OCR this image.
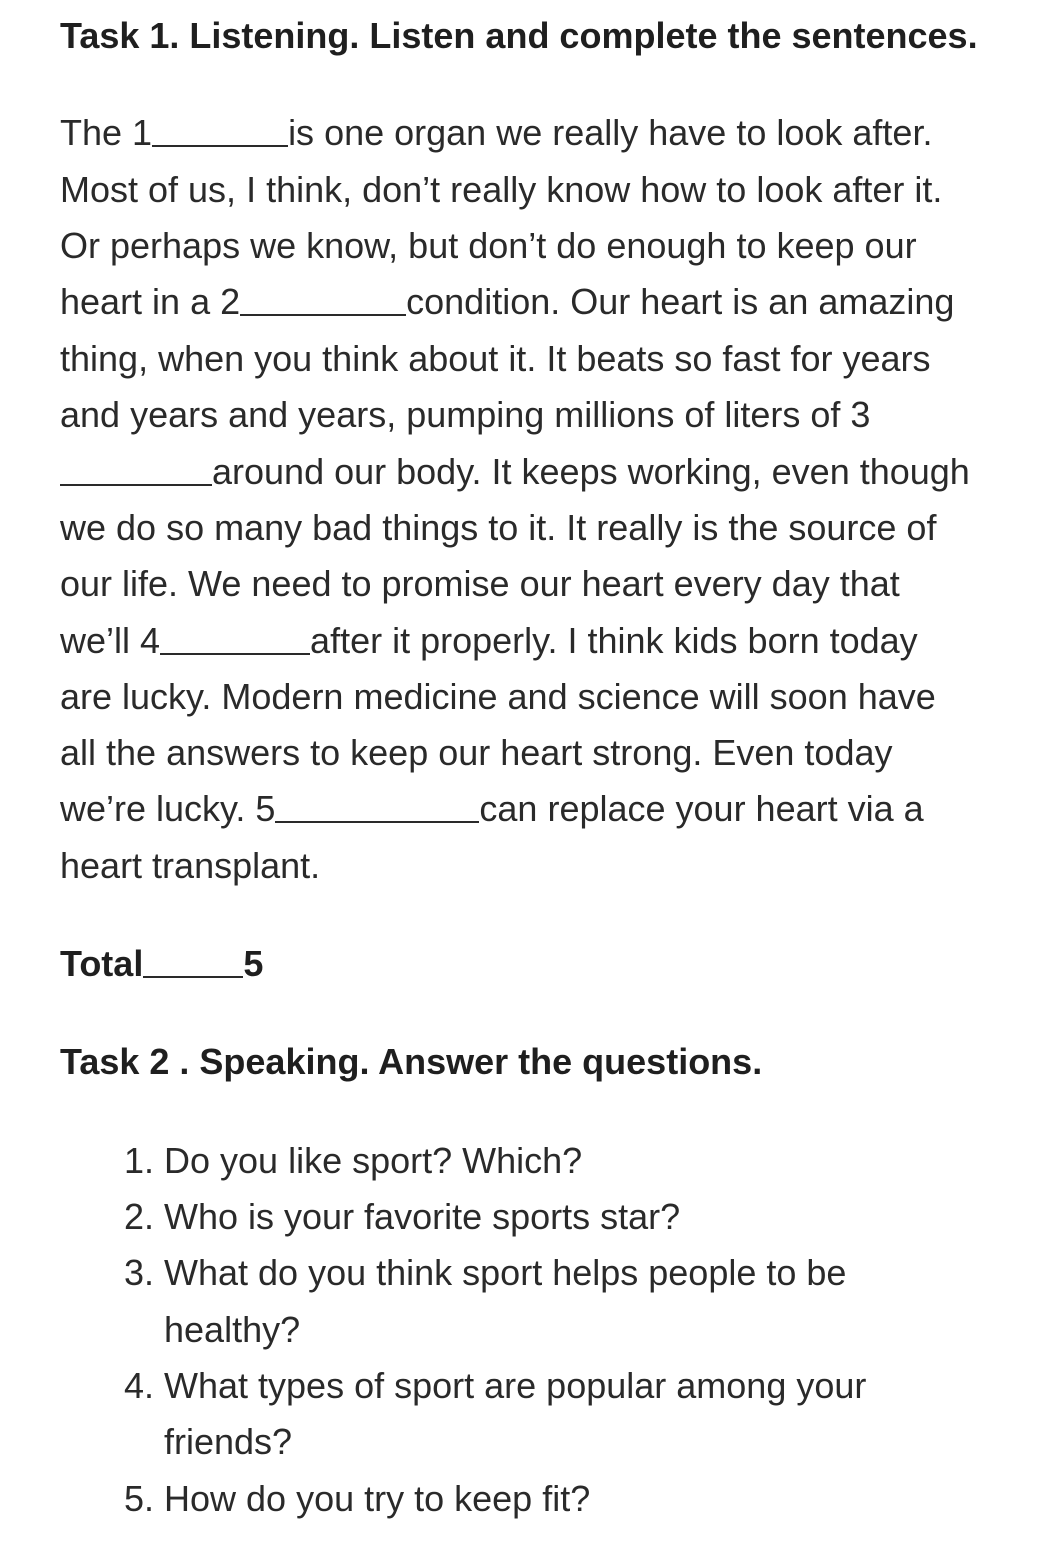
Task 1. Listening. Listen and complete the sentences.
The 1	is one organ we really have to look after.
Most of us, I think, don’t really know how to look after it.
Or perhaps we know, but don’t do enough to keep our
heart in a 2	condition. Our heart is an amazing
thing, when you think about it. It beats so fast for years
and years and years, pumping millions of liters of 3
around our body. It keeps working, even though
we do so many bad things to it. It really is the source of
our life. We need to promise our heart every day that
we’ll 4	after it properly. I think kids born today
are lucky. Modern medicine and science will soon have
all the answers to keep our heart strong. Even today
we’re lucky. 5	can replace your heart via a
heart transplant.
Total	5
Task 2 . Speaking. Answer the questions.
1. Do you like sport? Which?
2. Who is your favorite sports star?
3. What do you think sport helps people to be
healthy?
4. What types of sport are popular among your
friends?
5. How do you try to keep fit?
